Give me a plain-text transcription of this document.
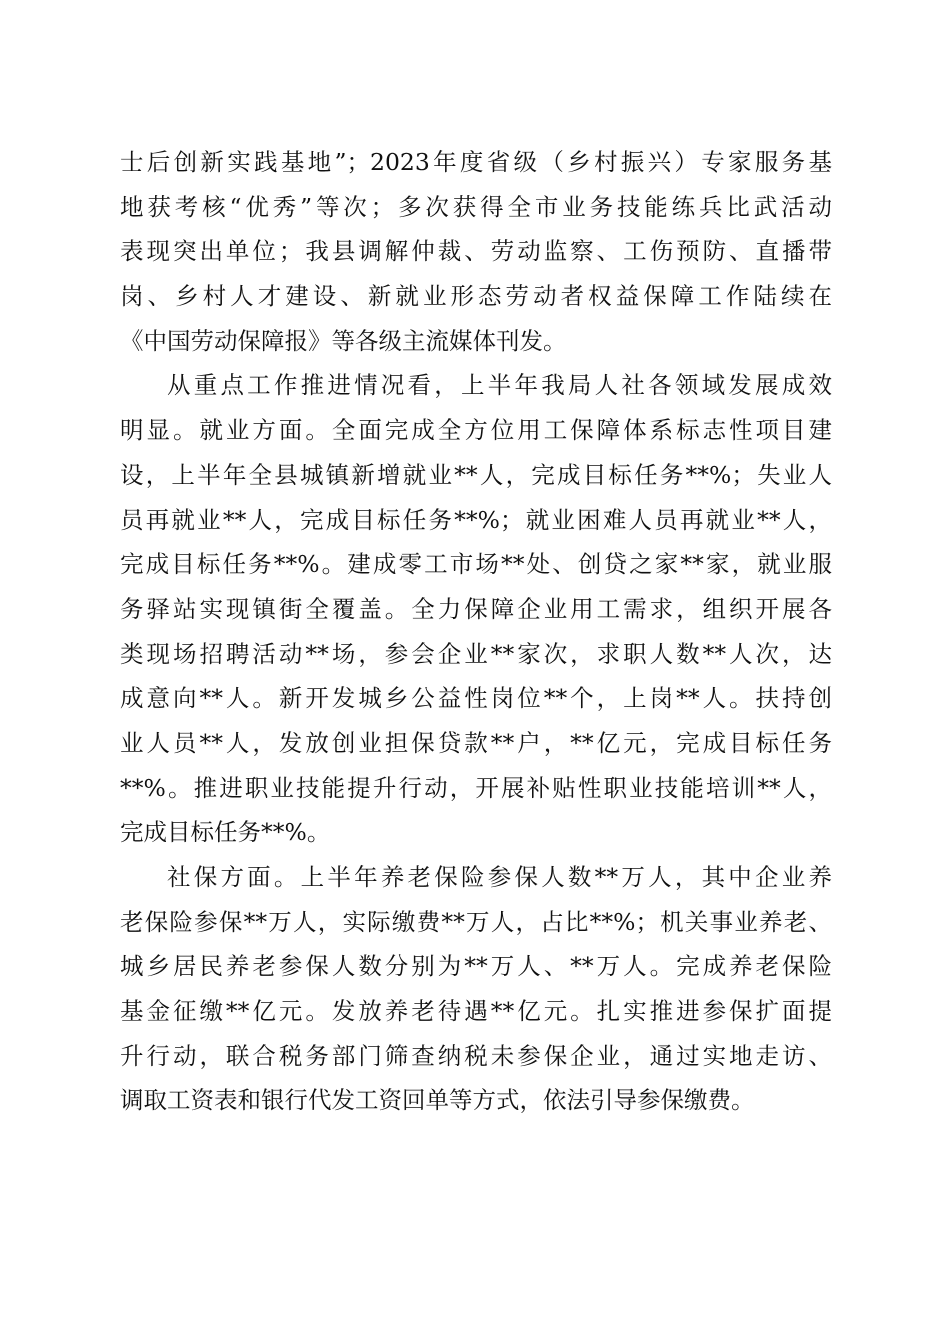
士后创新实践基地”；2023年度省级（乡村振兴）专家服务基
地获考核“优秀”等次；多次获得全市业务技能练兵比武活动
表现突出单位；我县调解仲裁、劳动监察、工伤预防、直播带
岗、乡村人才建设、新就业形态劳动者权益保障工作陆续在
《中国劳动保障报》等各级主流媒体刊发。
从重点工作推进情况看，上半年我局人社各领域发展成效
明显。就业方面。全面完成全方位用工保障体系标志性项目建
设，上半年全县城镇新增就业**人，完成目标任务**%；失业人
员再就业**人，完成目标任务**%；就业困难人员再就业**人，
完成目标任务**%。建成零工市场**处、创贷之家**家，就业服
务驿站实现镇街全覆盖。全力保障企业用工需求，组织开展各
类现场招聘活动**场，参会企业**家次，求职人数**人次，达
成意向**人。新开发城乡公益性岗位**个，上岗**人。扶持创
业人员**人，发放创业担保贷款**户，**亿元，完成目标任务
**%。推进职业技能提升行动，开展补贴性职业技能培训**人，
完成目标任务**%。
社保方面。上半年养老保险参保人数**万人，其中企业养
老保险参保**万人，实际缴费**万人，占比**%；机关事业养老、
城乡居民养老参保人数分别为**万人、**万人。完成养老保险
基金征缴**亿元。发放养老待遇**亿元。扎实推进参保扩面提
升行动，联合税务部门筛查纳税未参保企业，通过实地走访、
调取工资表和银行代发工资回单等方式，依法引导参保缴费。
